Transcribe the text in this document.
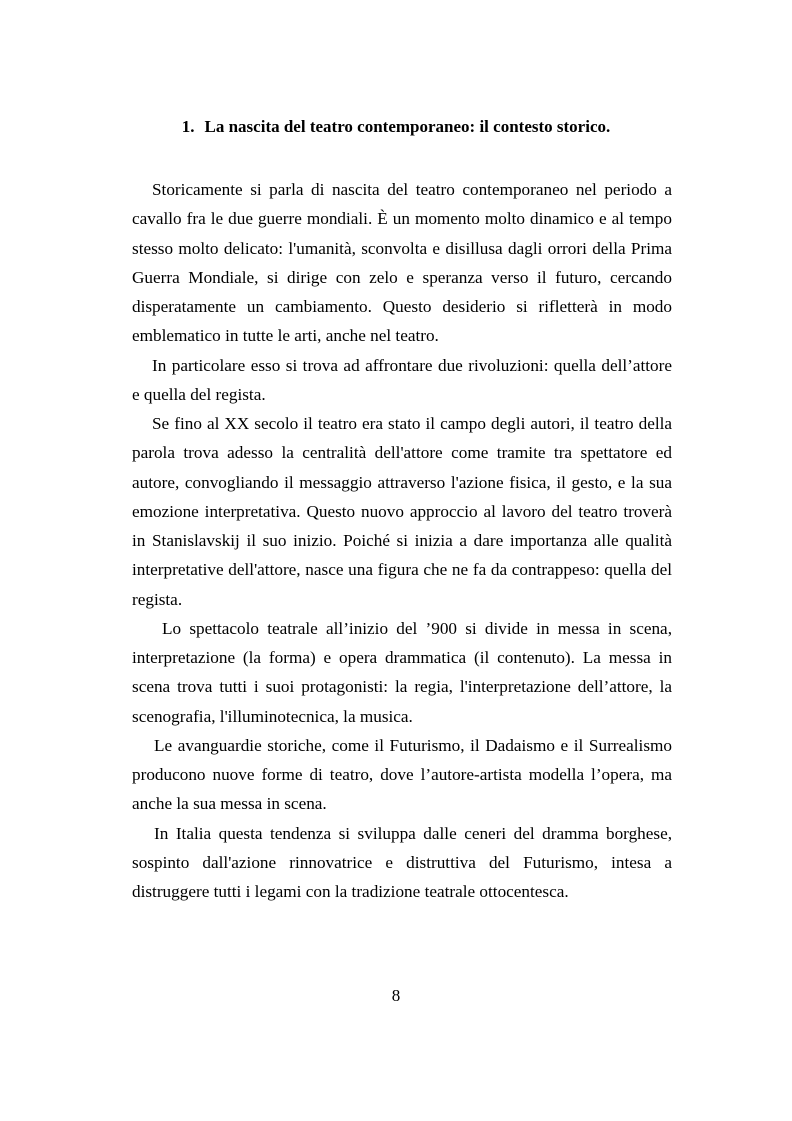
1. La nascita del teatro contemporaneo: il contesto storico.

Storicamente si parla di nascita del teatro contemporaneo nel periodo a cavallo fra le due guerre mondiali. È un momento molto dinamico e al tempo stesso molto delicato: l'umanità, sconvolta e disillusa dagli orrori della Prima Guerra Mondiale, si dirige con zelo e speranza verso il futuro, cercando disperatamente un cambiamento. Questo desiderio si rifletterà in modo emblematico in tutte le arti, anche nel teatro.

In particolare esso si trova ad affrontare due rivoluzioni: quella dell’attore e quella del regista.

Se fino al XX secolo il teatro era stato il campo degli autori, il teatro della parola trova adesso la centralità dell'attore come tramite tra spettatore ed autore, convogliando il messaggio attraverso l'azione fisica, il gesto, e la sua emozione interpretativa. Questo nuovo approccio al lavoro del teatro troverà in Stanislavskij il suo inizio. Poiché si inizia a dare importanza alle qualità interpretative dell'attore, nasce una figura che ne fa da contrappeso: quella del regista.

Lo spettacolo teatrale all’inizio del ’900 si divide in messa in scena, interpretazione (la forma) e opera drammatica (il contenuto). La messa in scena trova tutti i suoi protagonisti: la regia, l'interpretazione dell’attore, la scenografia, l'illuminotecnica, la musica.

Le avanguardie storiche, come il Futurismo, il Dadaismo e il Surrealismo producono nuove forme di teatro, dove l’autore-artista modella l’opera, ma anche la sua messa in scena.

In Italia questa tendenza si sviluppa dalle ceneri del dramma borghese, sospinto dall'azione rinnovatrice e distruttiva del Futurismo, intesa a distruggere tutti i legami con la tradizione teatrale ottocentesca.

8
